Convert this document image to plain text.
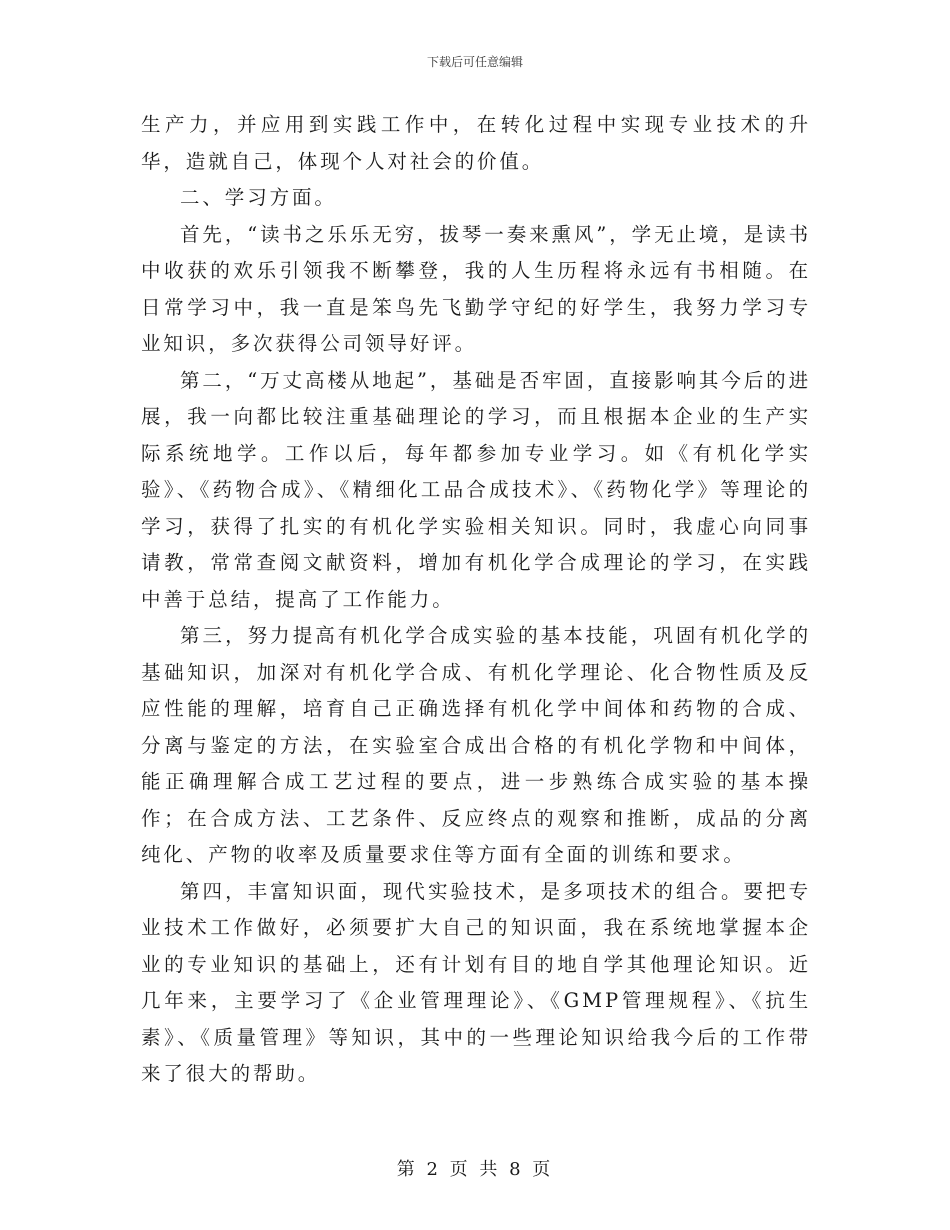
下载后可任意编辑

生产力，并应用到实践工作中，在转化过程中实现专业技术的升华，造就自己，体现个人对社会的价值。

二、学习方面。

首先，“读书之乐乐无穷，拔琴一奏来熏风”，学无止境，是读书中收获的欢乐引领我不断攀登，我的人生历程将永远有书相随。在日常学习中，我一直是笨鸟先飞勤学守纪的好学生，我努力学习专业知识，多次获得公司领导好评。

第二，“万丈高楼从地起”，基础是否牢固，直接影响其今后的进展，我一向都比较注重基础理论的学习，而且根据本企业的生产实际系统地学。工作以后，每年都参加专业学习。如《有机化学实验》、《药物合成》、《精细化工品合成技术》、《药物化学》等理论的学习，获得了扎实的有机化学实验相关知识。同时，我虚心向同事请教，常常查阅文献资料，增加有机化学合成理论的学习，在实践中善于总结，提高了工作能力。

第三，努力提高有机化学合成实验的基本技能，巩固有机化学的基础知识，加深对有机化学合成、有机化学理论、化合物性质及反应性能的理解，培育自己正确选择有机化学中间体和药物的合成、分离与鉴定的方法，在实验室合成出合格的有机化学物和中间体，能正确理解合成工艺过程的要点，进一步熟练合成实验的基本操作；在合成方法、工艺条件、反应终点的观察和推断，成品的分离纯化、产物的收率及质量要求住等方面有全面的训练和要求。

第四，丰富知识面，现代实验技术，是多项技术的组合。要把专业技术工作做好，必须要扩大自己的知识面，我在系统地掌握本企业的专业知识的基础上，还有计划有目的地自学其他理论知识。近几年来，主要学习了《企业管理理论》、《GMP管理规程》、《抗生素》、《质量管理》等知识，其中的一些理论知识给我今后的工作带来了很大的帮助。

第 2 页 共 8 页
